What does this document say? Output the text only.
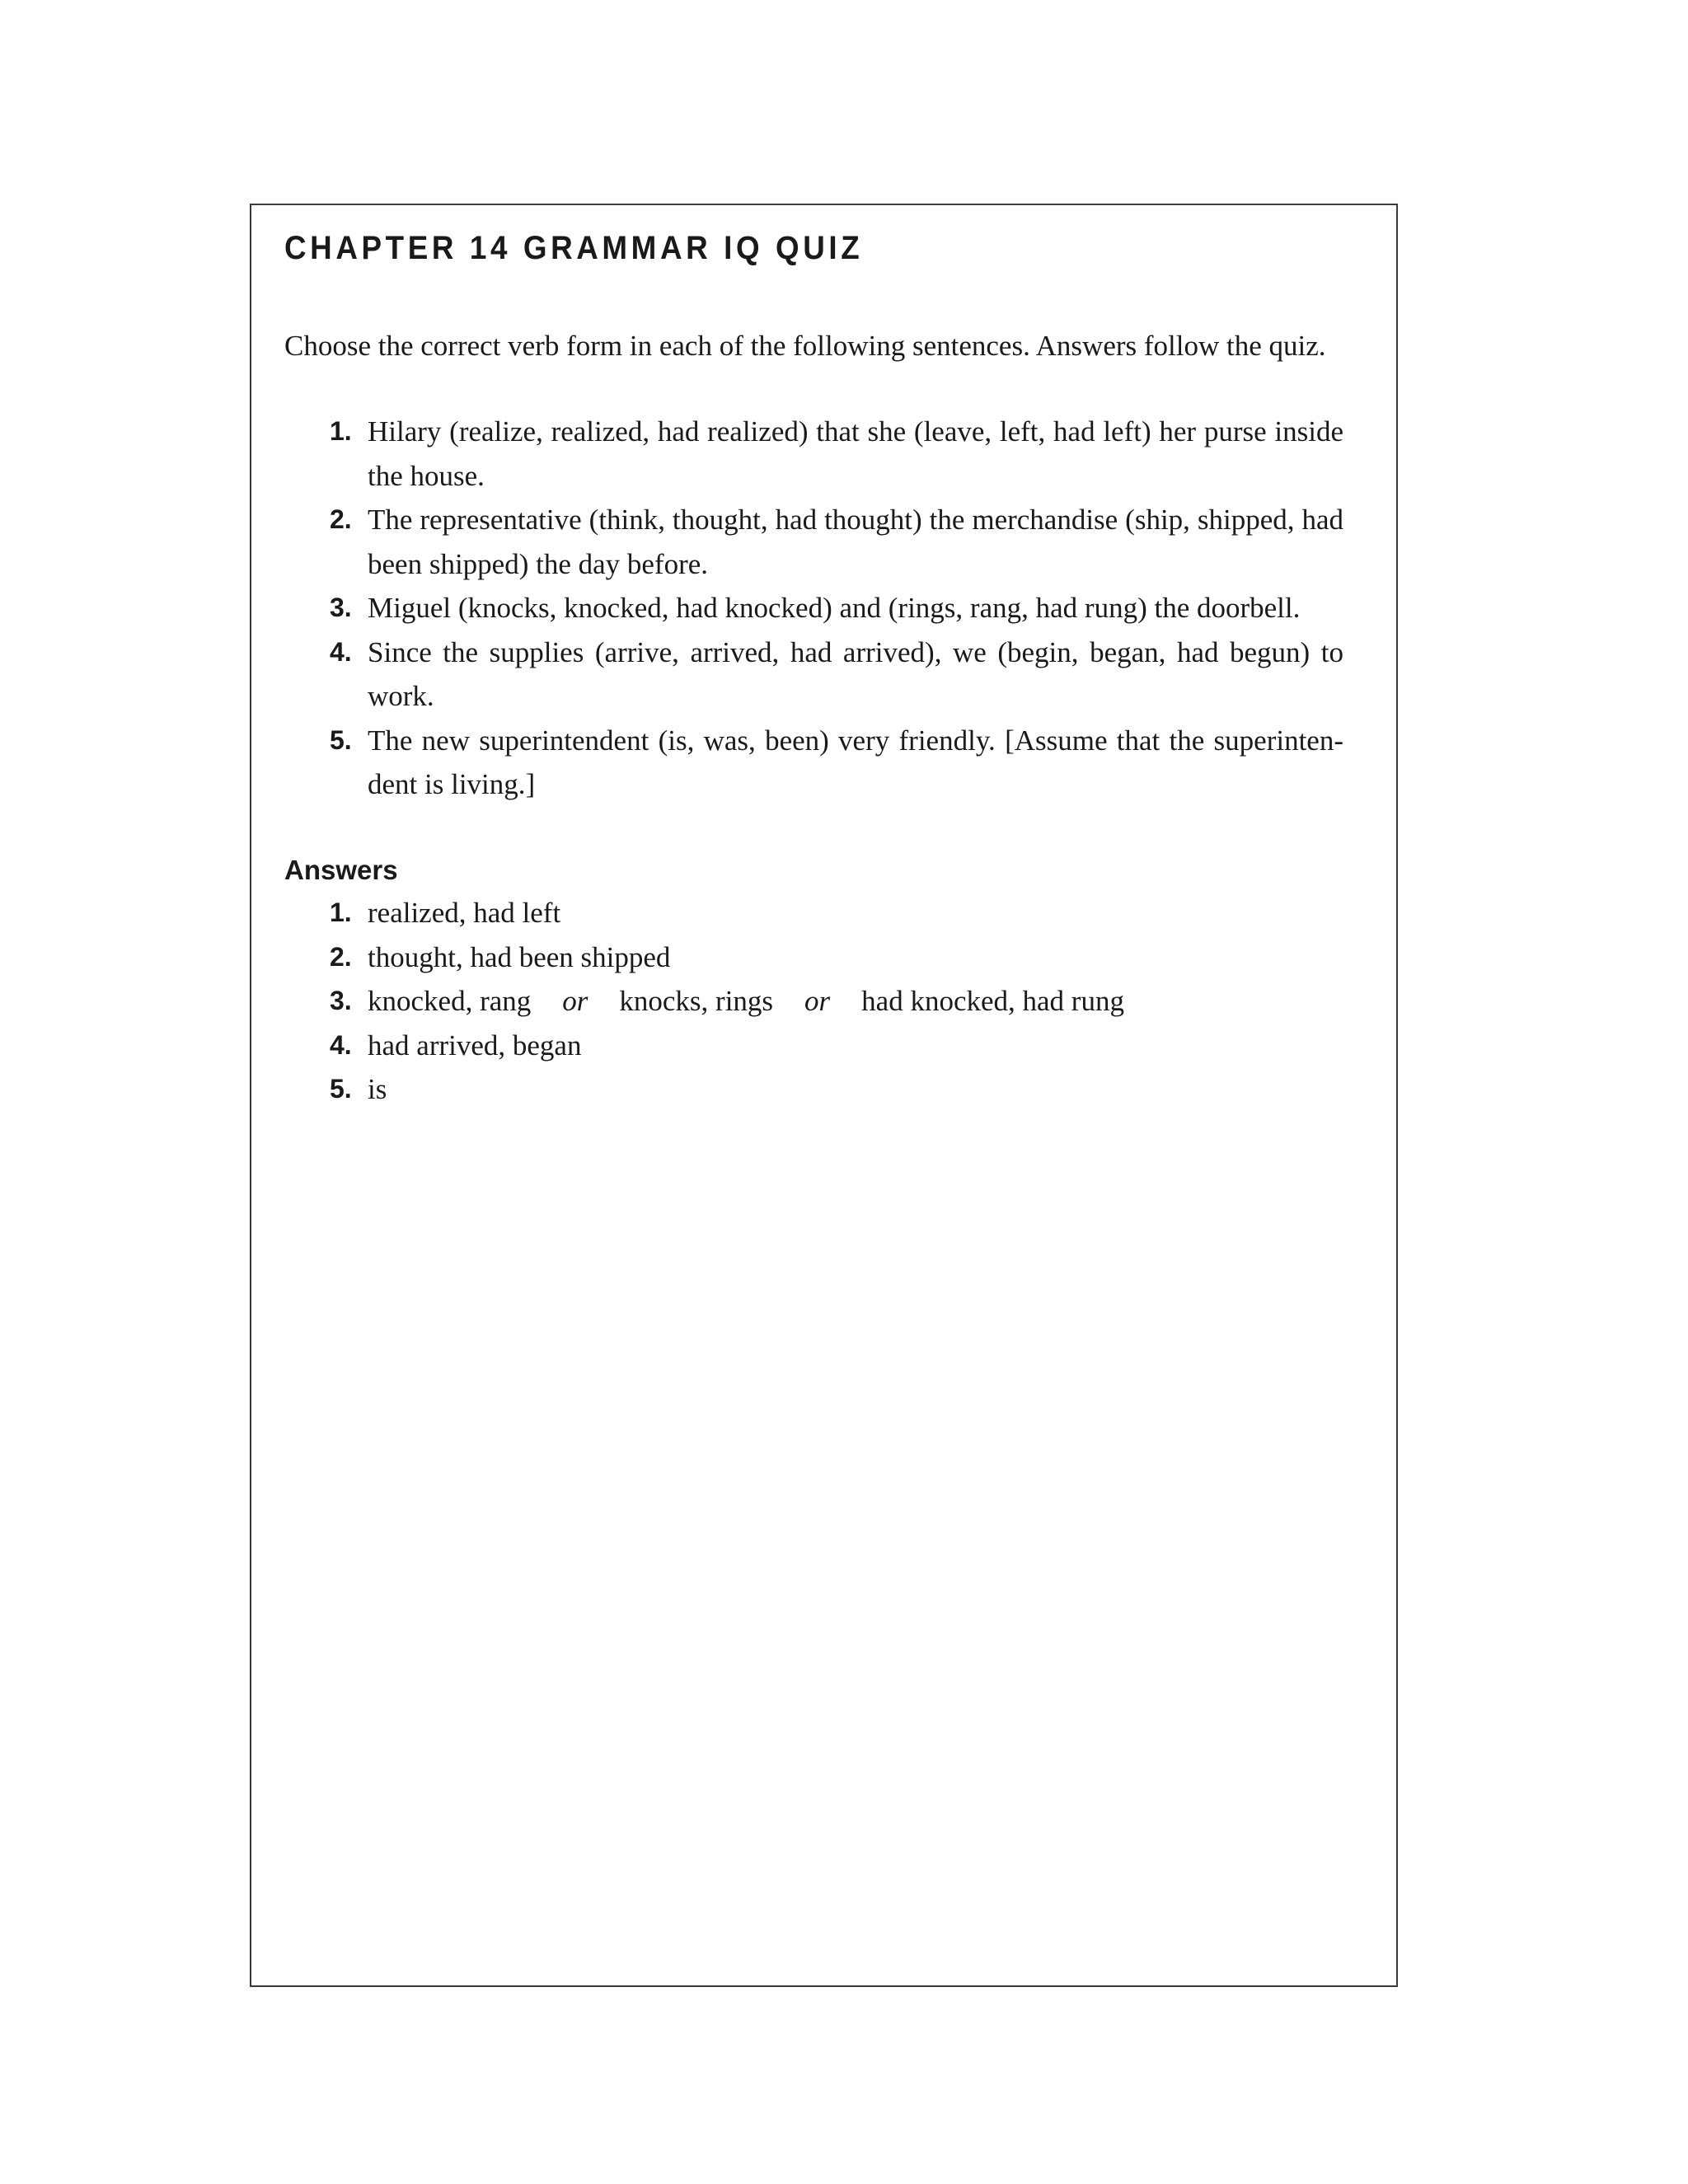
CHAPTER 14 GRAMMAR IQ QUIZ

Choose the correct verb form in each of the following sentences. Answers follow the quiz.

1. Hilary (realize, realized, had realized) that she (leave, left, had left) her purse inside the house.
2. The representative (think, thought, had thought) the merchandise (ship, shipped, had been shipped) the day before.
3. Miguel (knocks, knocked, had knocked) and (rings, rang, had rung) the doorbell.
4. Since the supplies (arrive, arrived, had arrived), we (begin, began, had begun) to work.
5. The new superintendent (is, was, been) very friendly. [Assume that the superinten- dent is living.]
Answers
1. realized, had left
2. thought, had been shipped
3. knocked, rang or knocks, rings or had knocked, had rung
4. had arrived, began
5. is
